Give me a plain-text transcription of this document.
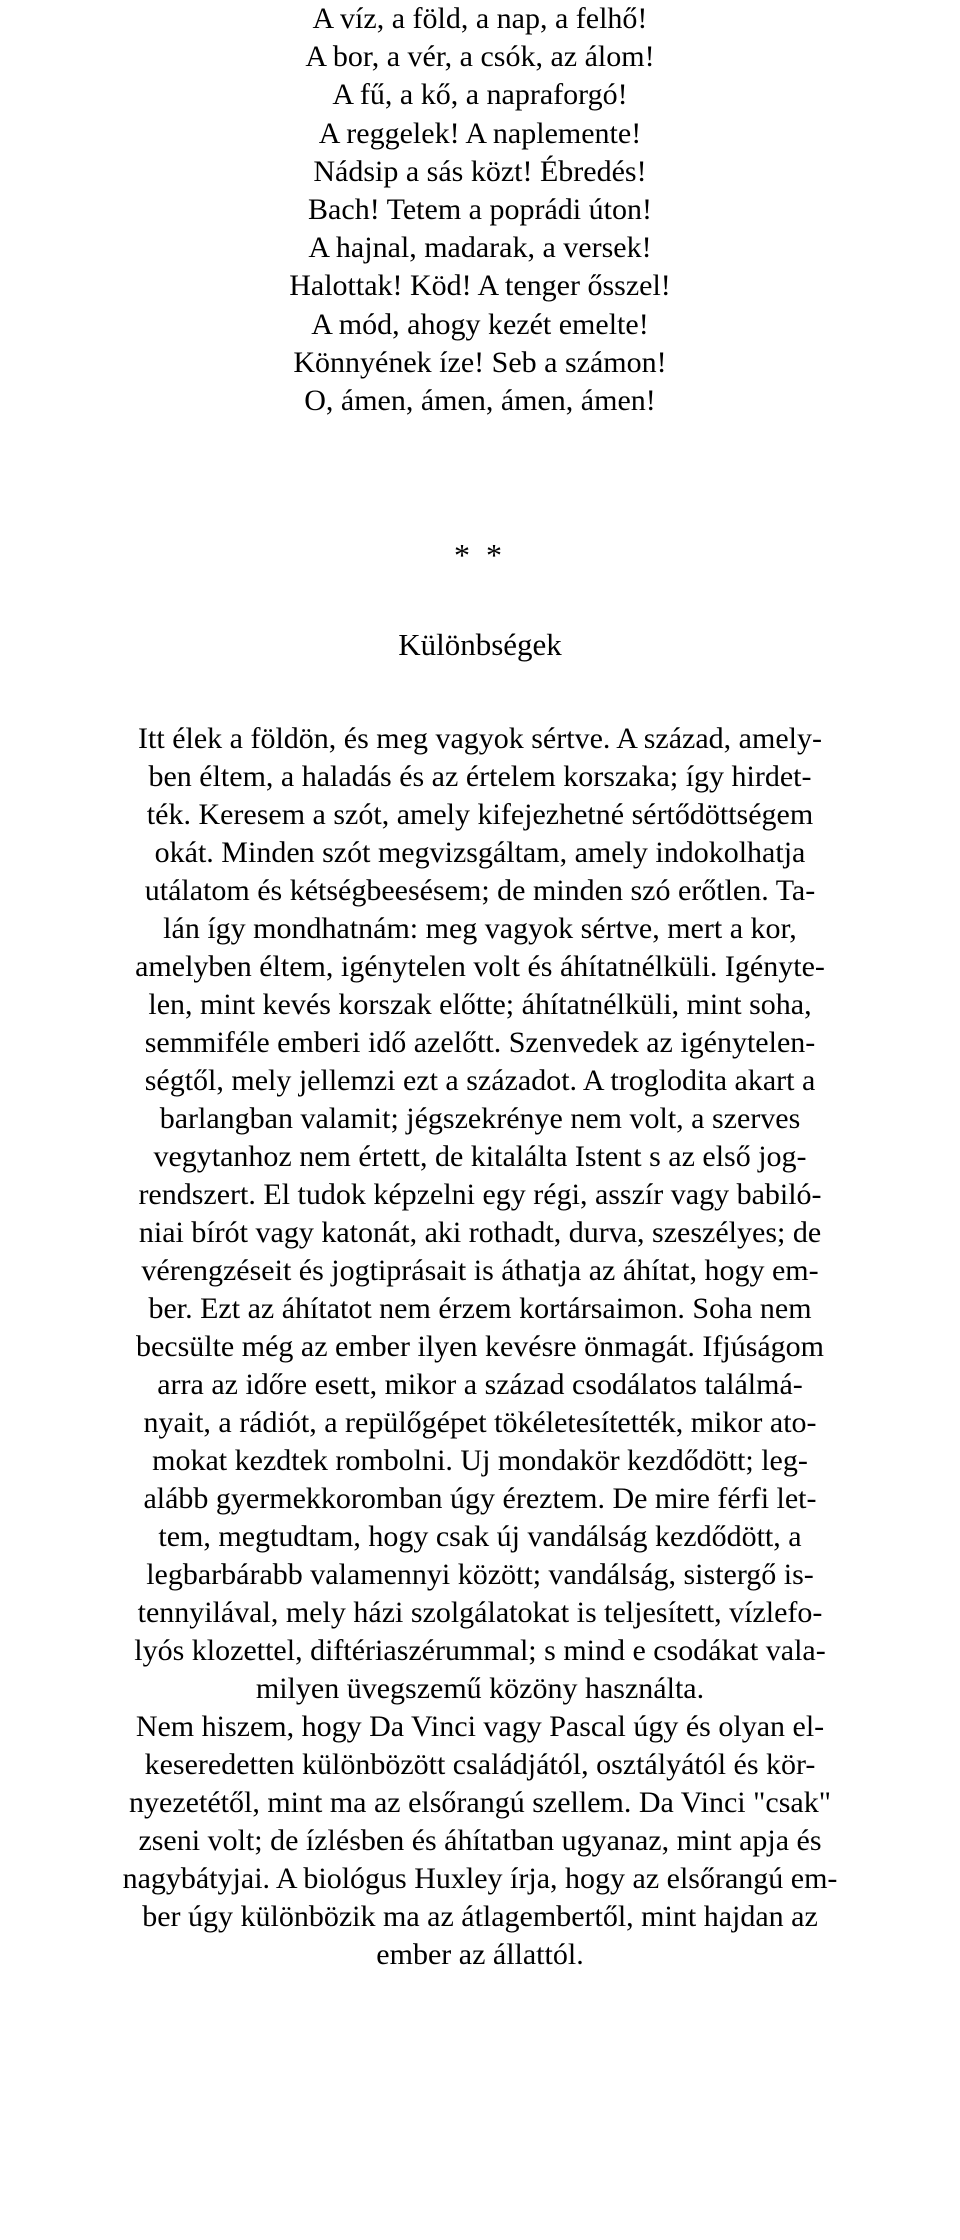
A víz, a föld, a nap, a felhő!
A bor, a vér, a csók, az álom!
A fű, a kő, a napraforgó!
A reggelek! A naplemente!
Nádsip a sás közt! Ébredés!
Bach! Tetem a poprádi úton!
A hajnal, madarak, a versek!
Halottak! Köd! A tenger ősszel!
A mód, ahogy kezét emelte!
Könnyének íze! Seb a számon!
O, ámen, ámen, ámen, ámen!
* *
Különbségek
Itt élek a földön, és meg vagyok sértve. A század, amely-
ben éltem, a haladás és az értelem korszaka; így hirdet-
ték. Keresem a szót, amely kifejezhetné sértődöttségem
okát. Minden szót megvizsgáltam, amely indokolhatja
utálatom és kétségbeesésem; de minden szó erőtlen. Ta-
lán így mondhatnám: meg vagyok sértve, mert a kor,
amelyben éltem, igénytelen volt és áhítatnélküli. Igényte-
len, mint kevés korszak előtte; áhítatnélküli, mint soha,
semmiféle emberi idő azelőtt. Szenvedek az igénytelen-
ségtől, mely jellemzi ezt a századot. A troglodita akart a
barlangban valamit; jégszekrénye nem volt, a szerves
vegytanhoz nem értett, de kitalálta Istent s az első jog-
rendszert. El tudok képzelni egy régi, asszír vagy babiló-
niai bírót vagy katonát, aki rothadt, durva, szeszélyes; de
vérengzéseit és jogtiprásait is áthatja az áhítat, hogy em-
ber. Ezt az áhítatot nem érzem kortársaimon. Soha nem
becsülte még az ember ilyen kevésre önmagát. Ifjúságom
arra az időre esett, mikor a század csodálatos találmá-
nyait, a rádiót, a repülőgépet tökéletesítették, mikor ato-
mokat kezdtek rombolni. Uj mondakör kezdődött; leg-
alább gyermekkoromban úgy éreztem. De mire férfi let-
tem, megtudtam, hogy csak új vandálság kezdődött, a
legbarbárabb valamennyi között; vandálság, sistergő is-
tennyilával, mely házi szolgálatokat is teljesített, vízlefo-
lyós klozettel, diftériaszérummal; s mind e csodákat vala-
milyen üvegszemű közöny használta.
Nem hiszem, hogy Da Vinci vagy Pascal úgy és olyan el-
keseredetten különbözött családjától, osztályától és kör-
nyezetétől, mint ma az elsőrangú szellem. Da Vinci "csak"
zseni volt; de ízlésben és áhítatban ugyanaz, mint apja és
nagybátyjai. A biológus Huxley írja, hogy az elsőrangú em-
ber úgy különbözik ma az átlagembertől, mint hajdan az
ember az állattól.
